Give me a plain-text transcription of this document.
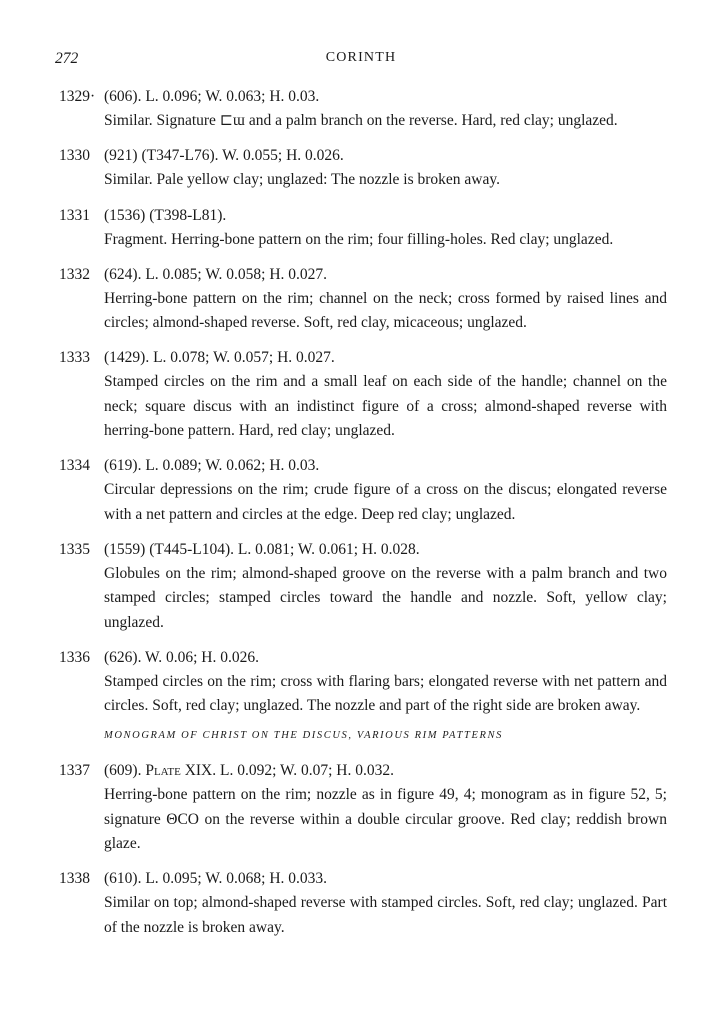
272	CORINTH
1329· (606). L. 0.096; W. 0.063; H. 0.03.
Similar. Signature ⊏ɯ and a palm branch on the reverse. Hard, red clay; unglazed.
1330 (921) (T347-L76). W. 0.055; H. 0.026.
Similar. Pale yellow clay; unglazed: The nozzle is broken away.
1331 (1536) (T398-L81).
Fragment. Herring-bone pattern on the rim; four filling-holes. Red clay; unglazed.
1332 (624). L. 0.085; W. 0.058; H. 0.027.
Herring-bone pattern on the rim; channel on the neck; cross formed by raised lines and circles; almond-shaped reverse. Soft, red clay, micaceous; unglazed.
1333 (1429). L. 0.078; W. 0.057; H. 0.027.
Stamped circles on the rim and a small leaf on each side of the handle; channel on the neck; square discus with an indistinct figure of a cross; almond-shaped reverse with herring-bone pattern. Hard, red clay; unglazed.
1334 (619). L. 0.089; W. 0.062; H. 0.03.
Circular depressions on the rim; crude figure of a cross on the discus; elongated reverse with a net pattern and circles at the edge. Deep red clay; unglazed.
1335 (1559) (T445-L104). L. 0.081; W. 0.061; H. 0.028.
Globules on the rim; almond-shaped groove on the reverse with a palm branch and two stamped circles; stamped circles toward the handle and nozzle. Soft, yellow clay; unglazed.
1336 (626). W. 0.06; H. 0.026.
Stamped circles on the rim; cross with flaring bars; elongated reverse with net pattern and circles. Soft, red clay; unglazed. The nozzle and part of the right side are broken away.
MONOGRAM OF CHRIST ON THE DISCUS, VARIOUS RIM PATTERNS
1337 (609). Plate XIX. L. 0.092; W. 0.07; H. 0.032.
Herring-bone pattern on the rim; nozzle as in figure 49, 4; monogram as in figure 52, 5; signature ΘCO on the reverse within a double circular groove. Red clay; reddish brown glaze.
1338 (610). L. 0.095; W. 0.068; H. 0.033.
Similar on top; almond-shaped reverse with stamped circles. Soft, red clay; unglazed. Part of the nozzle is broken away.
